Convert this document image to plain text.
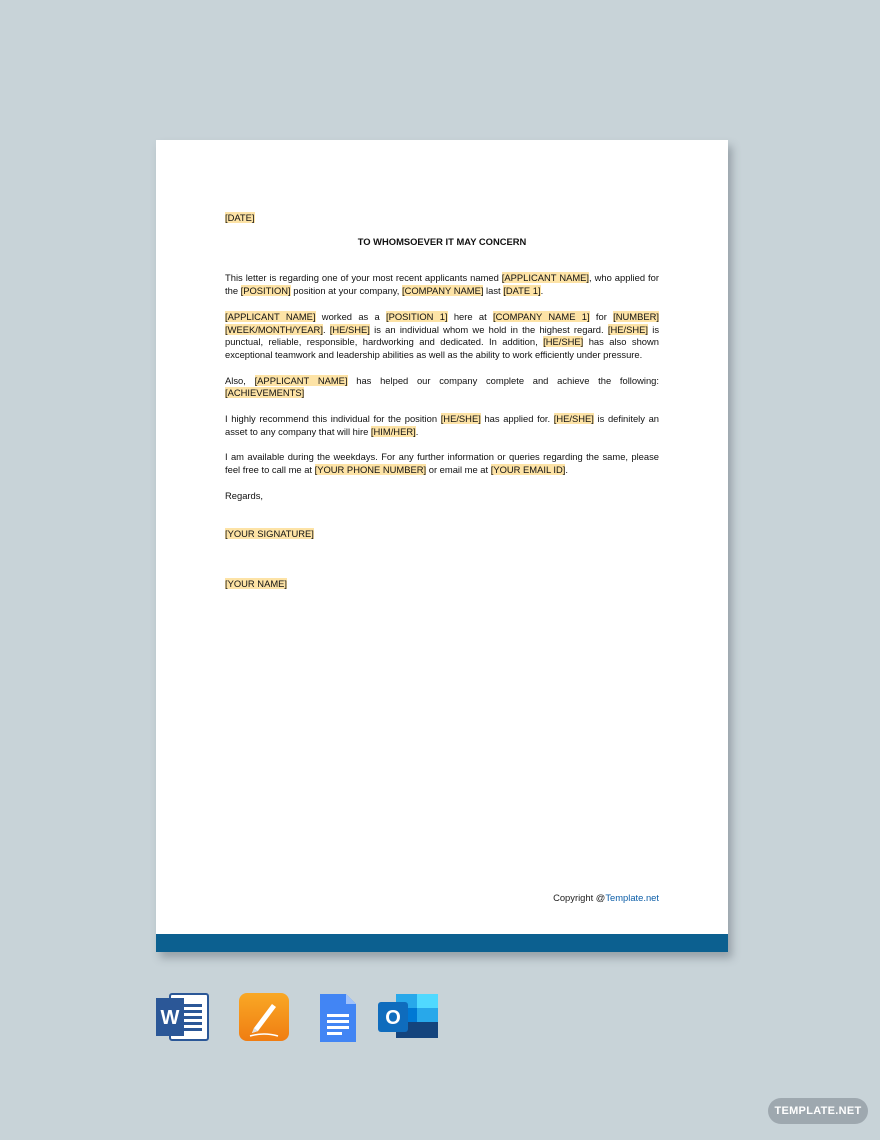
[DATE]

TO WHOMSOEVER IT MAY CONCERN

This letter is regarding one of your most recent applicants named [APPLICANT NAME], who applied for the [POSITION] position at your company, [COMPANY NAME] last [DATE 1].

[APPLICANT NAME] worked as a [POSITION 1] here at [COMPANY NAME 1] for [NUMBER] [WEEK/MONTH/YEAR]. [HE/SHE] is an individual whom we hold in the highest regard. [HE/SHE] is punctual, reliable, responsible, hardworking and dedicated. In addition, [HE/SHE] has also shown exceptional teamwork and leadership abilities as well as the ability to work efficiently under pressure.

Also, [APPLICANT NAME] has helped our company complete and achieve the following: [ACHIEVEMENTS]

I highly recommend this individual for the position [HE/SHE] has applied for. [HE/SHE] is definitely an asset to any company that will hire [HIM/HER].

I am available during the weekdays. For any further information or queries regarding the same, please feel free to call me at [YOUR PHONE NUMBER] or email me at [YOUR EMAIL ID].

Regards,

[YOUR SIGNATURE]

[YOUR NAME]

Copyright @Template.net
W	O
TEMPLATE.NET
